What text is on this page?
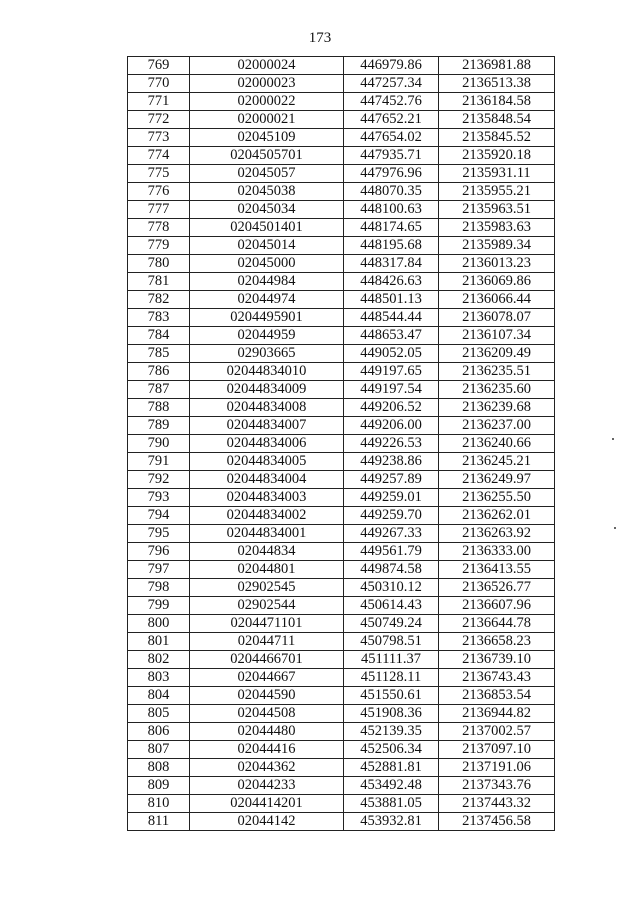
173
769	02000024	446979.86	2136981.88
770	02000023	447257.34	2136513.38
771	02000022	447452.76	2136184.58
772	02000021	447652.21	2135848.54
773	02045109	447654.02	2135845.52
774	0204505701	447935.71	2135920.18
775	02045057	447976.96	2135931.11
776	02045038	448070.35	2135955.21
777	02045034	448100.63	2135963.51
778	0204501401	448174.65	2135983.63
779	02045014	448195.68	2135989.34
780	02045000	448317.84	2136013.23
781	02044984	448426.63	2136069.86
782	02044974	448501.13	2136066.44
783	0204495901	448544.44	2136078.07
784	02044959	448653.47	2136107.34
785	02903665	449052.05	2136209.49
786	02044834010	449197.65	2136235.51
787	02044834009	449197.54	2136235.60
788	02044834008	449206.52	2136239.68
789	02044834007	449206.00	2136237.00
790	02044834006	449226.53	2136240.66
791	02044834005	449238.86	2136245.21
792	02044834004	449257.89	2136249.97
793	02044834003	449259.01	2136255.50
794	02044834002	449259.70	2136262.01
795	02044834001	449267.33	2136263.92
796	02044834	449561.79	2136333.00
797	02044801	449874.58	2136413.55
798	02902545	450310.12	2136526.77
799	02902544	450614.43	2136607.96
800	0204471101	450749.24	2136644.78
801	02044711	450798.51	2136658.23
802	0204466701	451111.37	2136739.10
803	02044667	451128.11	2136743.43
804	02044590	451550.61	2136853.54
805	02044508	451908.36	2136944.82
806	02044480	452139.35	2137002.57
807	02044416	452506.34	2137097.10
808	02044362	452881.81	2137191.06
809	02044233	453492.48	2137343.76
810	0204414201	453881.05	2137443.32
811	02044142	453932.81	2137456.58
